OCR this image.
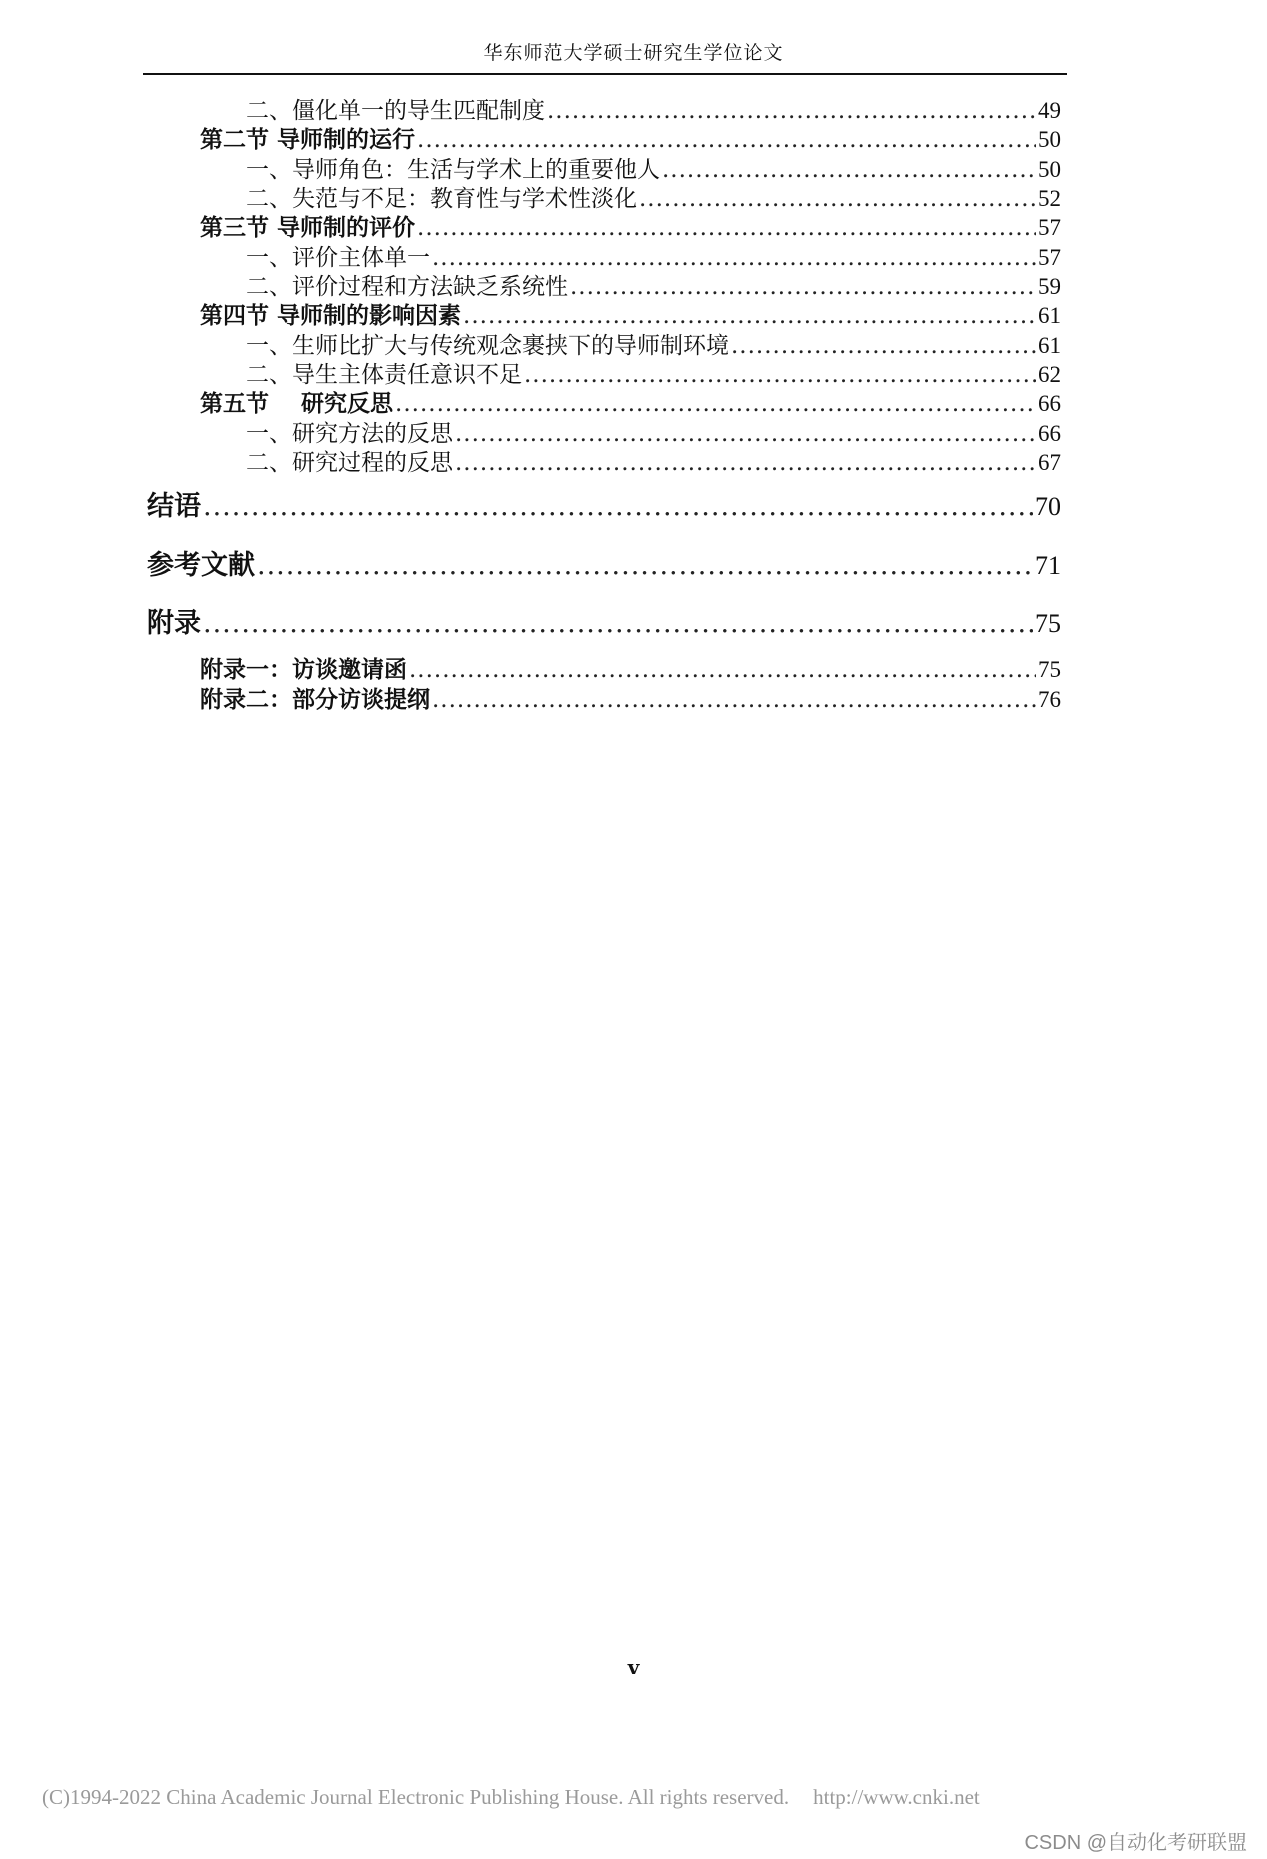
华东师范大学硕士研究生学位论文
二、僵化单一的导生匹配制度 .....	49
第二节 导师制的运行 .....	50
一、导师角色：生活与学术上的重要他人 .....	50
二、失范与不足：教育性与学术性淡化 .....	52
第三节 导师制的评价 .....	57
一、评价主体单一 .....	57
二、评价过程和方法缺乏系统性 .....	59
第四节 导师制的影响因素 .....	61
一、生师比扩大与传统观念裹挟下的导师制环境 .....	61
二、导生主体责任意识不足 .....	62
第五节    研究反思 .....	66
一、研究方法的反思 .....	66
二、研究过程的反思 .....	67
结语 .....	70
参考文献 .....	71
附录 .....	75
附录一：访谈邀请函 .....	75
附录二：部分访谈提纲 .....	76
v
(C)1994-2022 China Academic Journal Electronic Publishing House. All rights reserved. http://www.cnki.net
CSDN @自动化考研联盟
